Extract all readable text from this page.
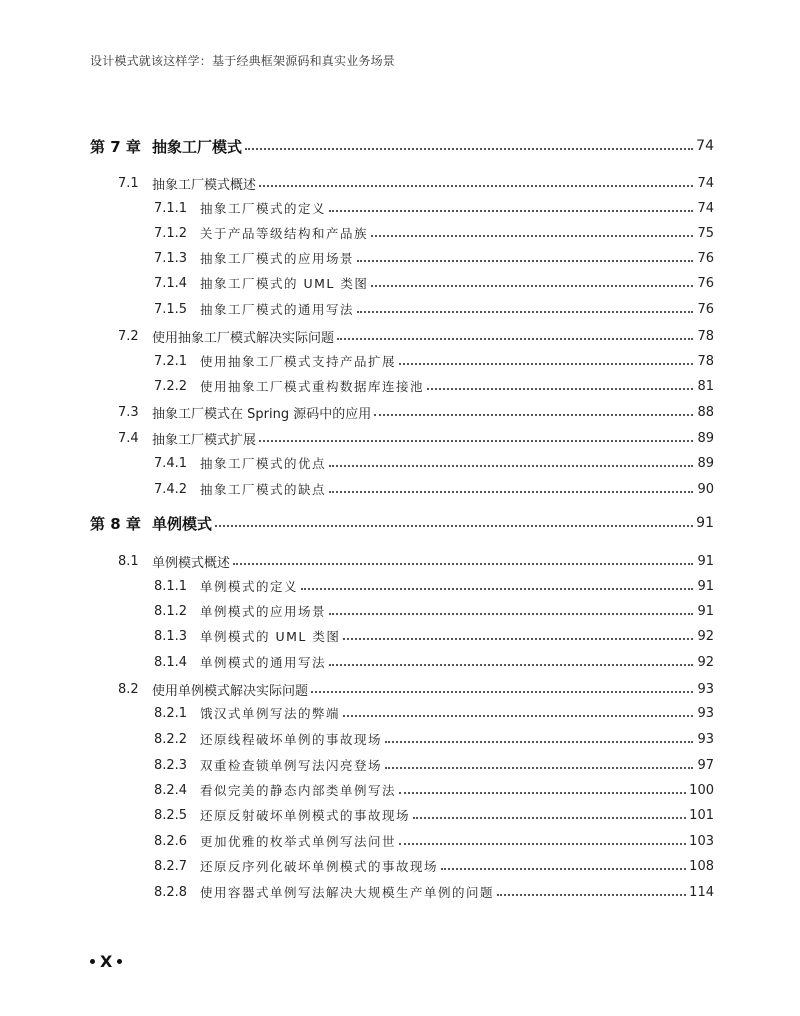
设计模式就该这样学：基于经典框架源码和真实业务场景
第 7 章 抽象工厂模式	74
7.1 抽象工厂模式概述	74
7.1.1 抽象工厂模式的定义	74
7.1.2 关于产品等级结构和产品族	75
7.1.3 抽象工厂模式的应用场景	76
7.1.4 抽象工厂模式的 UML 类图	76
7.1.5 抽象工厂模式的通用写法	76
7.2 使用抽象工厂模式解决实际问题	78
7.2.1 使用抽象工厂模式支持产品扩展	78
7.2.2 使用抽象工厂模式重构数据库连接池	81
7.3 抽象工厂模式在 Spring 源码中的应用	88
7.4 抽象工厂模式扩展	89
7.4.1 抽象工厂模式的优点	89
7.4.2 抽象工厂模式的缺点	90
第 8 章 单例模式	91
8.1 单例模式概述	91
8.1.1 单例模式的定义	91
8.1.2 单例模式的应用场景	91
8.1.3 单例模式的 UML 类图	92
8.1.4 单例模式的通用写法	92
8.2 使用单例模式解决实际问题	93
8.2.1 饿汉式单例写法的弊端	93
8.2.2 还原线程破坏单例的事故现场	93
8.2.3 双重检查锁单例写法闪亮登场	97
8.2.4 看似完美的静态内部类单例写法	100
8.2.5 还原反射破坏单例模式的事故现场	101
8.2.6 更加优雅的枚举式单例写法问世	103
8.2.7 还原反序列化破坏单例模式的事故现场	108
8.2.8 使用容器式单例写法解决大规模生产单例的问题	114
X
